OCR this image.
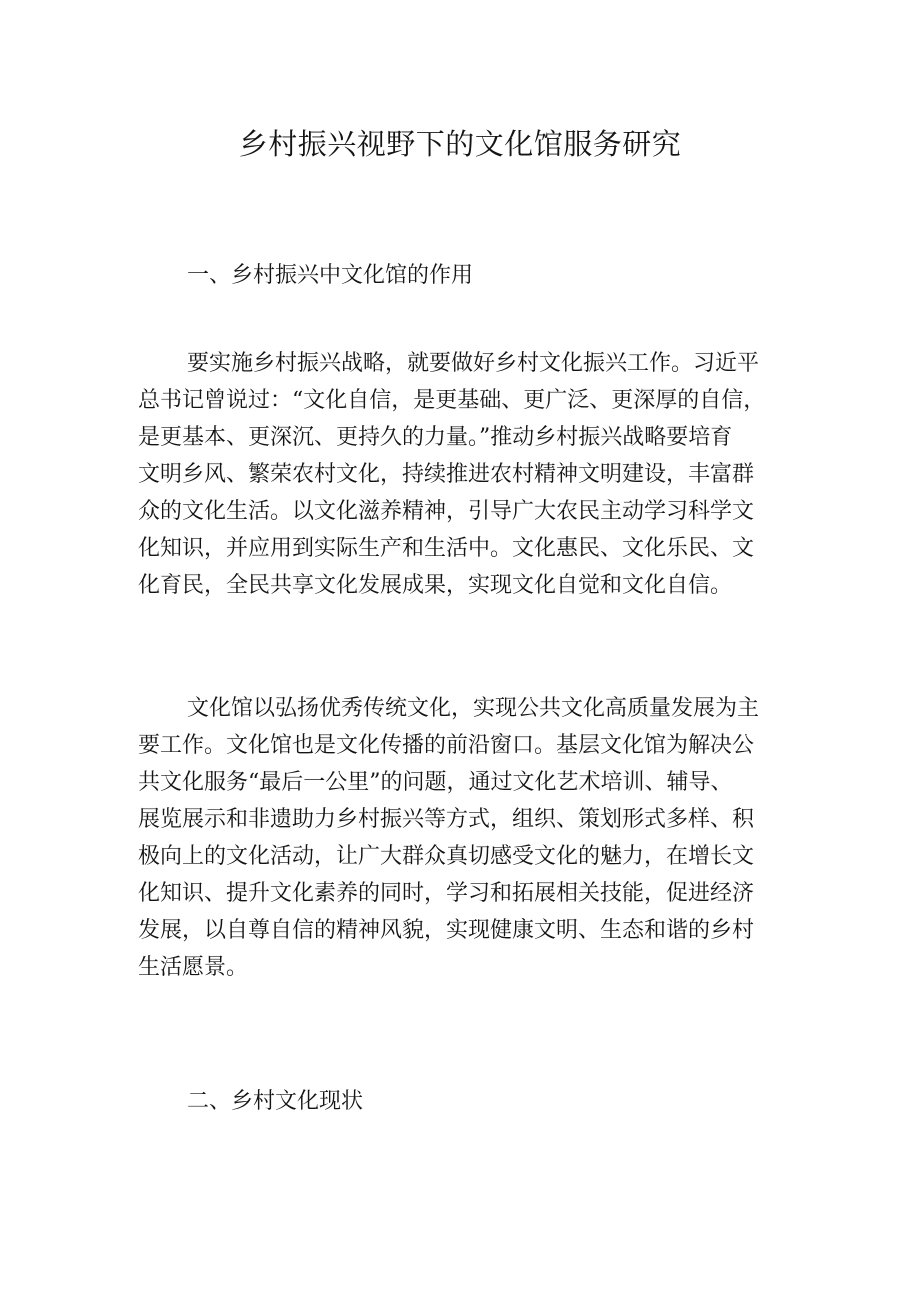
乡村振兴视野下的文化馆服务研究
一、乡村振兴中文化馆的作用

要实施乡村振兴战略，就要做好乡村文化振兴工作。习近平
总书记曾说过：“文化自信，是更基础、更广泛、更深厚的自信，
是更基本、更深沉、更持久的力量。”推动乡村振兴战略要培育
文明乡风、繁荣农村文化，持续推进农村精神文明建设，丰富群
众的文化生活。以文化滋养精神，引导广大农民主动学习科学文
化知识，并应用到实际生产和生活中。文化惠民、文化乐民、文
化育民，全民共享文化发展成果，实现文化自觉和文化自信。

文化馆以弘扬优秀传统文化，实现公共文化高质量发展为主
要工作。文化馆也是文化传播的前沿窗口。基层文化馆为解决公
共文化服务“最后一公里”的问题，通过文化艺术培训、辅导、
展览展示和非遗助力乡村振兴等方式，组织、策划形式多样、积
极向上的文化活动，让广大群众真切感受文化的魅力，在增长文
化知识、提升文化素养的同时，学习和拓展相关技能，促进经济
发展，以自尊自信的精神风貌，实现健康文明、生态和谐的乡村
生活愿景。

二、乡村文化现状
